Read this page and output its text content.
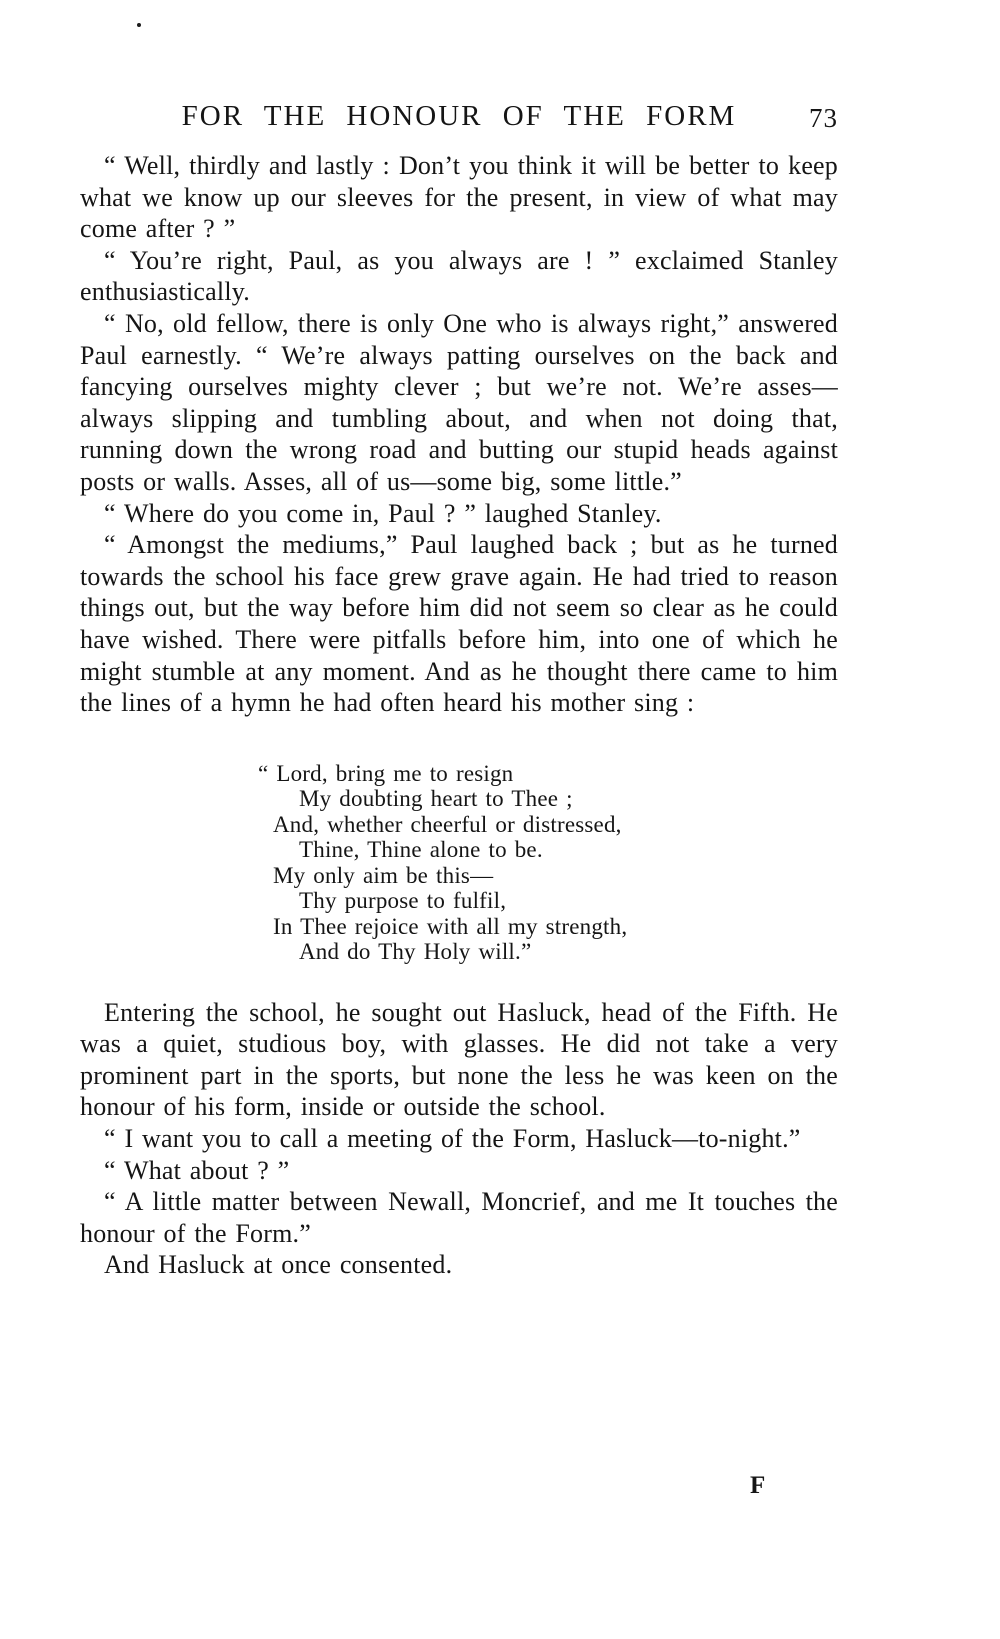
FOR THE HONOUR OF THE FORM	73

“ Well, thirdly and lastly : Don’t you think it will be better to keep what we know up our sleeves for the present, in view of what may come after ? ”

“ You’re right, Paul, as you always are ! ” exclaimed Stanley enthusiastically.

“ No, old fellow, there is only One who is always right,” answered Paul earnestly. “ We’re always patting ourselves on the back and fancying ourselves mighty clever ; but we’re not. We’re asses—always slipping and tumbling about, and when not doing that, running down the wrong road and butting our stupid heads against posts or walls. Asses, all of us—some big, some little.”

“ Where do you come in, Paul ? ” laughed Stanley.

“ Amongst the mediums,” Paul laughed back ; but as he turned towards the school his face grew grave again. He had tried to reason things out, but the way before him did not seem so clear as he could have wished. There were pitfalls before him, into one of which he might stumble at any moment. And as he thought there came to him the lines of a hymn he had often heard his mother sing :

“ Lord, bring me to resign
My doubting heart to Thee ;
And, whether cheerful or distressed,
Thine, Thine alone to be.
My only aim be this—
Thy purpose to fulfil,
In Thee rejoice with all my strength,
And do Thy Holy will.”

Entering the school, he sought out Hasluck, head of the Fifth. He was a quiet, studious boy, with glasses. He did not take a very prominent part in the sports, but none the less he was keen on the honour of his form, inside or outside the school.

“ I want you to call a meeting of the Form, Hasluck—to-night.”

“ What about ? ”

“ A little matter between Newall, Moncrief, and me It touches the honour of the Form.”

And Hasluck at once consented.

F
